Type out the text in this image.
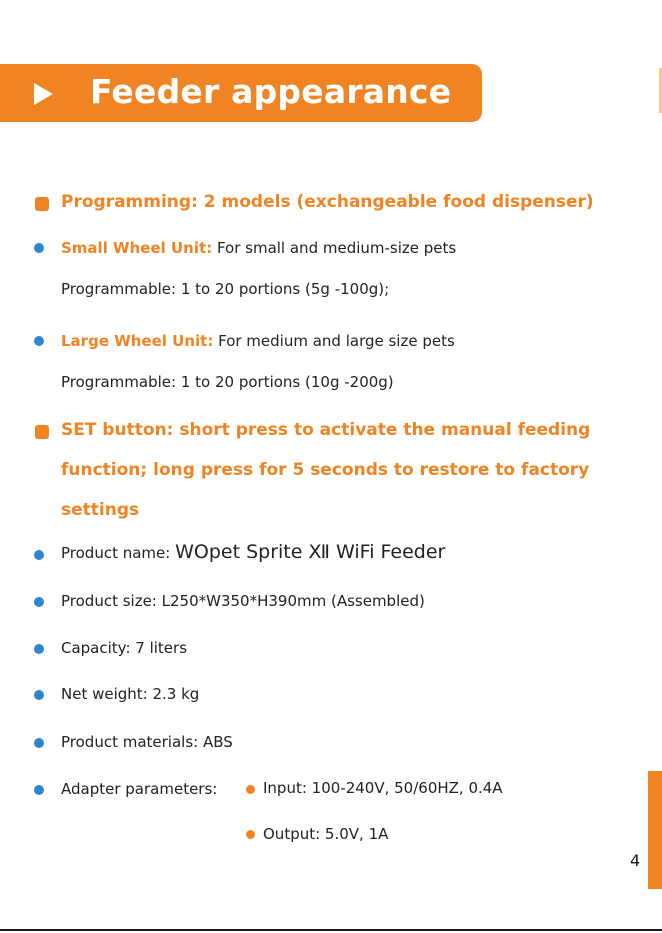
Feeder appearance
Programming: 2 models (exchangeable food dispenser)
Small Wheel Unit: For small and medium-size pets
Programmable: 1 to 20 portions (5g -100g);
Large Wheel Unit: For medium and large size pets
Programmable: 1 to 20 portions (10g -200g)
SET button: short press to activate the manual feeding
function; long press for 5 seconds to restore to factory
settings
Product name: WOpet Sprite Ⅻ WiFi Feeder
Product size: L250*W350*H390mm (Assembled)
Capacity: 7 liters
Net weight: 2.3 kg
Product materials: ABS
Adapter parameters:	Input: 100-240V, 50/60HZ, 0.4A
Output: 5.0V, 1A
4
